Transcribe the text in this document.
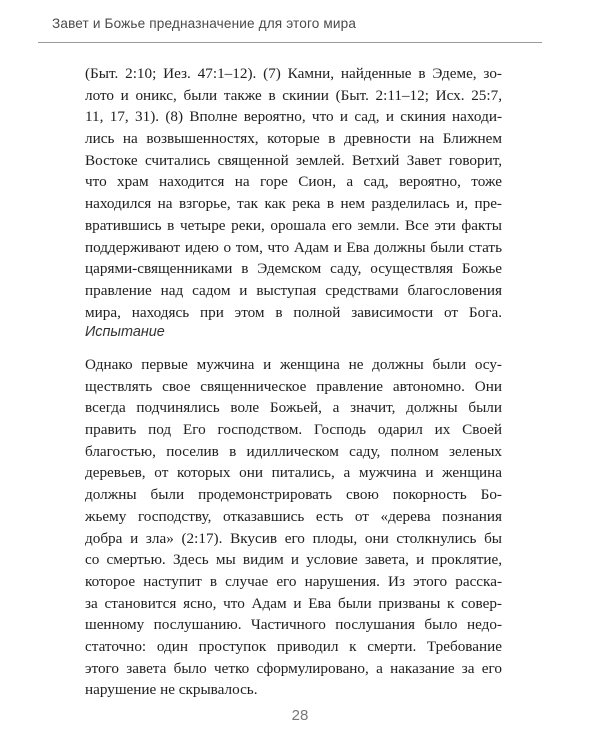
Завет и Божье предназначение для этого мира
(Быт. 2:10; Иез. 47:1–12). (7) Камни, найденные в Эдеме, зо-
лото и оникс, были также в скинии (Быт. 2:11–12; Исх. 25:7,
11, 17, 31). (8) Вполне вероятно, что и сад, и скиния находи-
лись на возвышенностях, которые в древности на Ближнем
Востоке считались священной землей. Ветхий Завет говорит,
что храм находится на горе Сион, а сад, вероятно, тоже
находился на взгорье, так как река в нем разделилась и, пре-
вратившись в четыре реки, орошала его земли. Все эти факты
поддерживают идею о том, что Адам и Ева должны были стать
царями-священниками в Эдемском саду, осуществляя Божье
правление над садом и выступая средствами благословения
мира, находясь при этом в полной зависимости от Бога.
Испытание
Однако первые мужчина и женщина не должны были осу-
ществлять свое священническое правление автономно. Они
всегда подчинялись воле Божьей, а значит, должны были
править под Его господством. Господь одарил их Своей
благостью, поселив в идиллическом саду, полном зеленых
деревьев, от которых они питались, а мужчина и женщина
должны были продемонстрировать свою покорность Бо-
жьему господству, отказавшись есть от «дерева познания
добра и зла» (2:17). Вкусив его плоды, они столкнулись бы
со смертью. Здесь мы видим и условие завета, и проклятие,
которое наступит в случае его нарушения. Из этого расска-
за становится ясно, что Адам и Ева были призваны к совер-
шенному послушанию. Частичного послушания было недо-
статочно: один проступок приводил к смерти. Требование
этого завета было четко сформулировано, а наказание за его
нарушение не скрывалось.
28
